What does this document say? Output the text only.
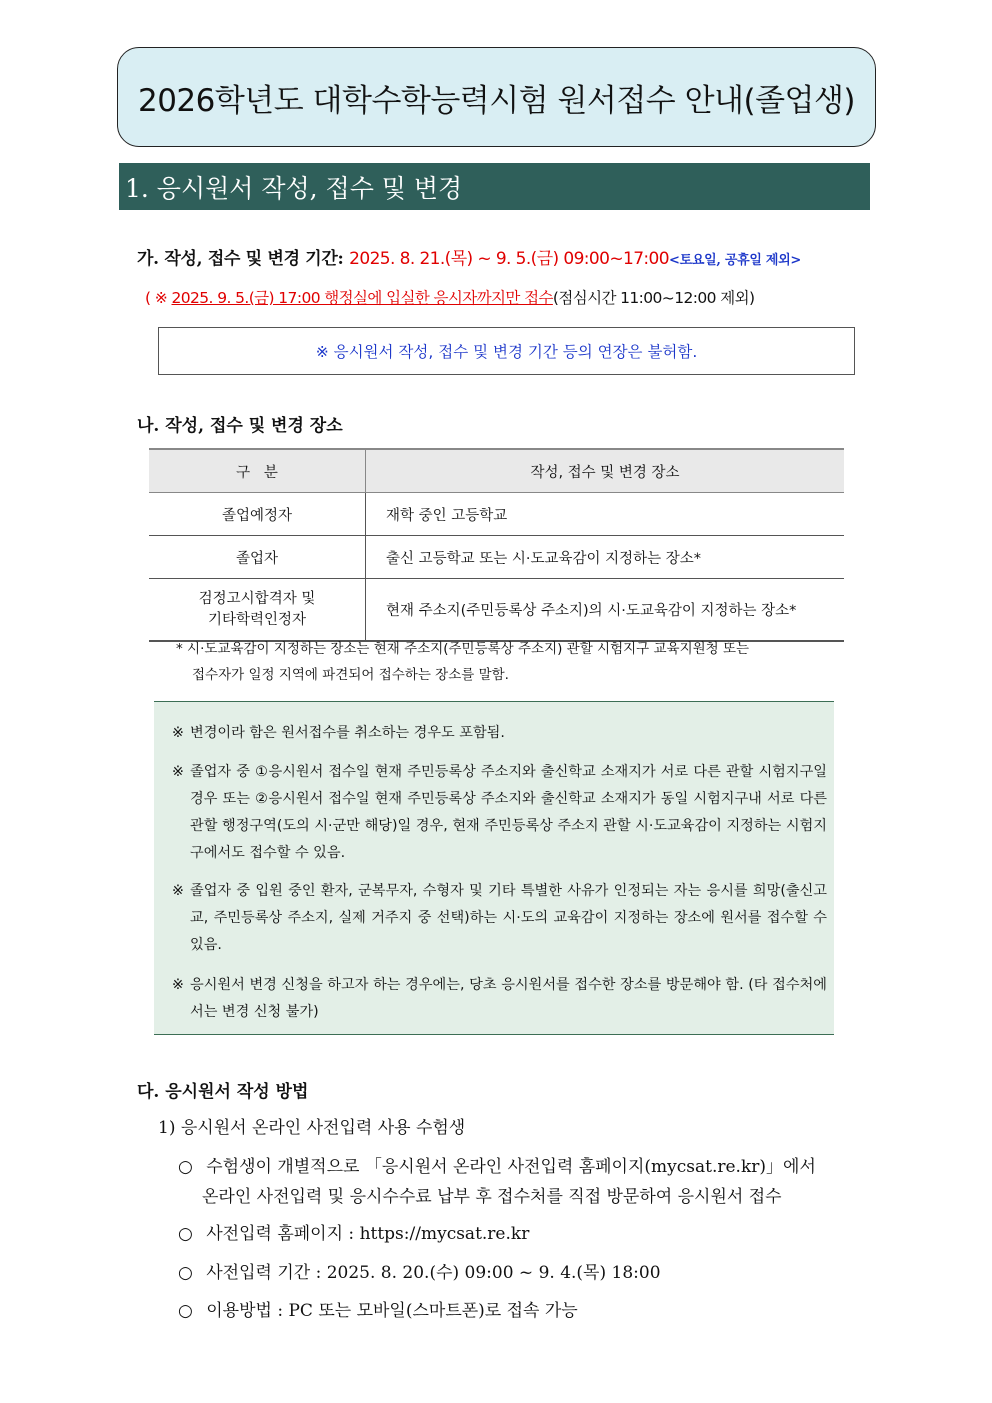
2026학년도 대학수학능력시험 원서접수 안내(졸업생)
1. 응시원서 작성, 접수 및 변경
가. 작성, 접수 및 변경 기간: 2025. 8. 21.(목) ~ 9. 5.(금) 09:00~17:00<토요일, 공휴일 제외>
( ※ 2025. 9. 5.(금) 17:00 행정실에 입실한 응시자까지만 접수(점심시간 11:00~12:00 제외)
※ 응시원서 작성, 접수 및 변경 기간 등의 연장은 불허함.
나. 작성, 접수 및 변경 장소
구   분	작성, 접수 및 변경 장소
졸업예정자	재학 중인 고등학교
졸업자	출신 고등학교 또는 시·도교육감이 지정하는 장소*

검정고시합격자 및
기타학력인정자	현재 주소지(주민등록상 주소지)의 시·도교육감이 지정하는 장소*
* 시·도교육감이 지정하는 장소는 현재 주소지(주민등록상 주소지) 관할 시험지구 교육지원청 또는
접수자가 일정 지역에 파견되어 접수하는 장소를 말함.
※ 변경이라 함은 원서접수를 취소하는 경우도 포함됨.
※ 졸업자 중 ①응시원서 접수일 현재 주민등록상 주소지와 출신학교 소재지가 서로 다른 관할 시험지구일 경우 또는 ②응시원서 접수일 현재 주민등록상 주소지와 출신학교 소재지가 동일 시험지구내 서로 다른 관할 행정구역(도의 시·군만 해당)일 경우, 현재 주민등록상 주소지 관할 시·도교육감이 지정하는 시험지구에서도 접수할 수 있음.
※ 졸업자 중 입원 중인 환자, 군복무자, 수형자 및 기타 특별한 사유가 인정되는 자는 응시를 희망(출신고교, 주민등록상 주소지, 실제 거주지 중 선택)하는 시·도의 교육감이 지정하는 장소에 원서를 접수할 수 있음.
※ 응시원서 변경 신청을 하고자 하는 경우에는, 당초 응시원서를 접수한 장소를 방문해야 함. (타 접수처에서는 변경 신청 불가)
다. 응시원서 작성 방법
1) 응시원서 온라인 사전입력 사용 수험생
○ 수험생이 개별적으로 「응시원서 온라인 사전입력 홈페이지(mycsat.re.kr)」에서
온라인 사전입력 및 응시수수료 납부 후 접수처를 직접 방문하여 응시원서 접수
○ 사전입력 홈페이지 : https://mycsat.re.kr
○ 사전입력 기간 : 2025. 8. 20.(수) 09:00 ~ 9. 4.(목) 18:00
○ 이용방법 : PC 또는 모바일(스마트폰)로 접속 가능
